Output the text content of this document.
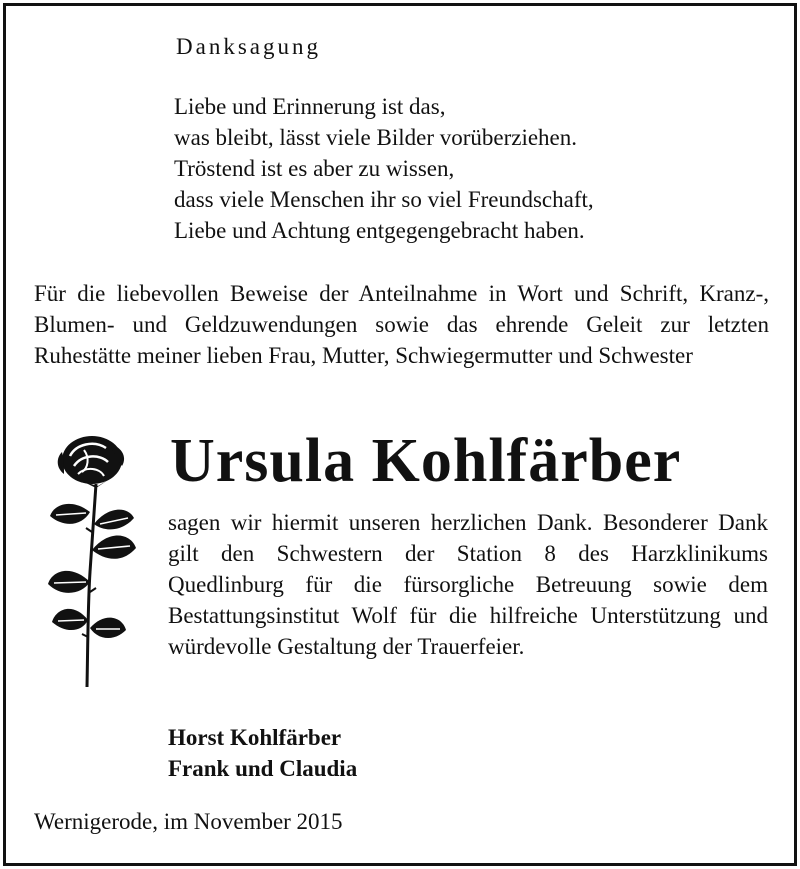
Danksagung
Liebe und Erinnerung ist das,
was bleibt, lässt viele Bilder vorüberziehen.
Tröstend ist es aber zu wissen,
dass viele Menschen ihr so viel Freundschaft,
Liebe und Achtung entgegengebracht haben.
Für die liebevollen Beweise der Anteilnahme in Wort und Schrift, Kranz-, Blumen- und Geldzuwendungen sowie das ehrende Geleit zur letzten Ruhestätte meiner lieben Frau, Mutter, Schwiegermutter und Schwester
Ursula Kohlfärber
sagen wir hiermit unseren herzlichen Dank. Besonderer Dank gilt den Schwestern der Station 8 des Harzklinikums Quedlinburg für die fürsorgliche Betreuung sowie dem Bestattungsinstitut Wolf für die hilfreiche Unterstützung und würdevolle Gestaltung der Trauerfeier.
Horst Kohlfärber
Frank und Claudia
Wernigerode, im November 2015
